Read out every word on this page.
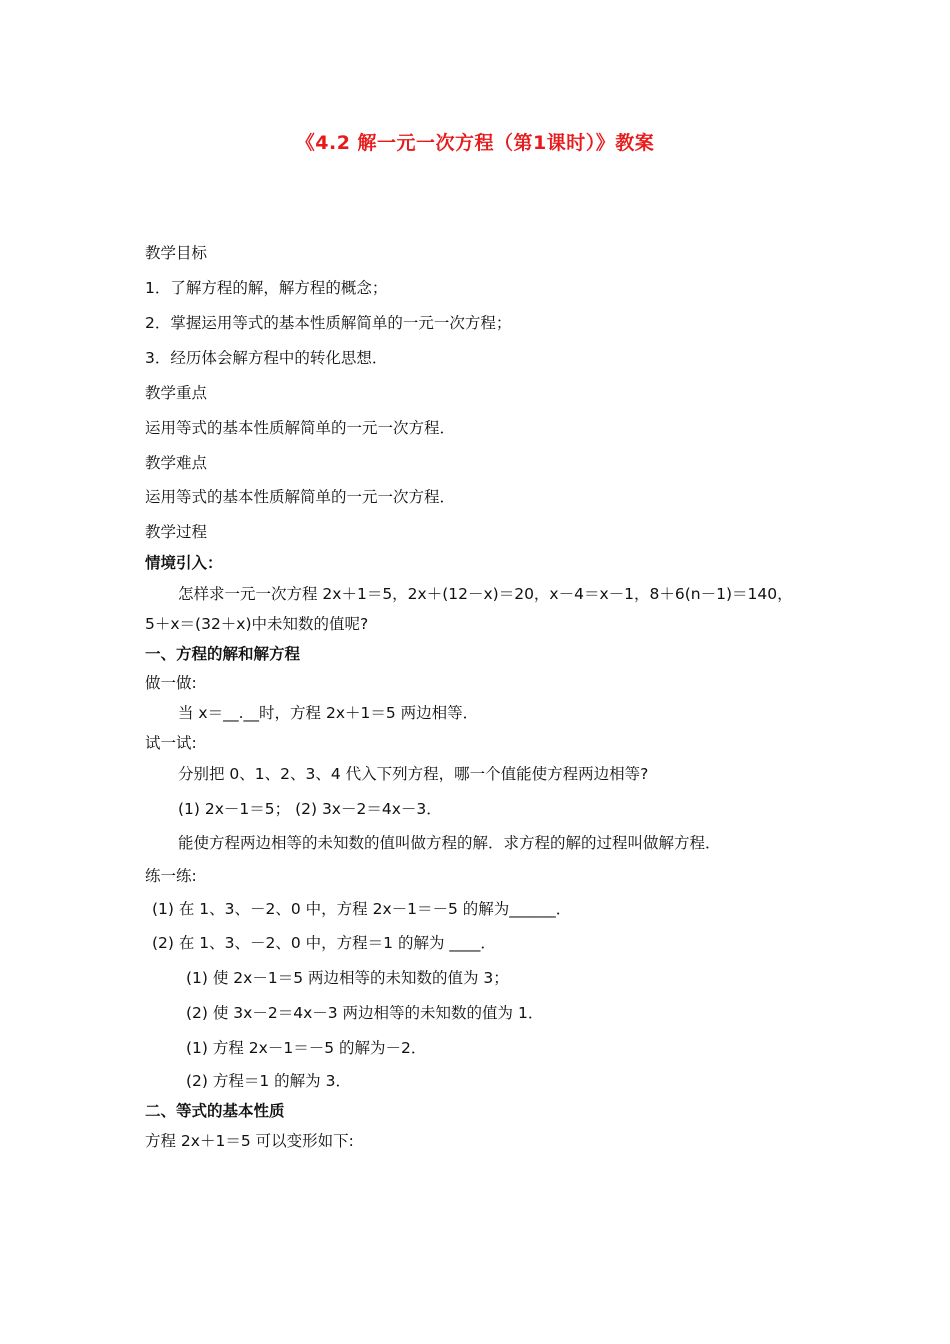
《4.2 解一元一次方程（第1课时）》教案
教学目标
1．了解方程的解，解方程的概念；
2．掌握运用等式的基本性质解简单的一元一次方程；
3．经历体会解方程中的转化思想．
教学重点
运用等式的基本性质解简单的一元一次方程．
教学难点
运用等式的基本性质解简单的一元一次方程．
教学过程
情境引入：
怎样求一元一次方程 2x＋1＝5，2x＋(12－x)＝20，x－4＝x－1，8＋6(n－1)＝140，
5＋x＝(32＋x)中未知数的值呢?
一、方程的解和解方程
做一做:
当 x＝__.__时，方程 2x＋1＝5 两边相等．
试一试:
分别把 0、1、2、3、4 代入下列方程，哪一个值能使方程两边相等?
(1) 2x－1＝5； (2) 3x－2＝4x－3．
能使方程两边相等的未知数的值叫做方程的解．求方程的解的过程叫做解方程．
练一练:
(1) 在 1、3、－2、0 中，方程 2x－1＝－5 的解为______．
(2) 在 1、3、－2、0 中，方程＝1 的解为 ____．
(1) 使 2x－1＝5 两边相等的未知数的值为 3；
(2) 使 3x－2＝4x－3 两边相等的未知数的值为 1．
(1) 方程 2x－1＝－5 的解为－2．
(2) 方程＝1 的解为 3．
二、等式的基本性质
方程 2x＋1＝5 可以变形如下:
